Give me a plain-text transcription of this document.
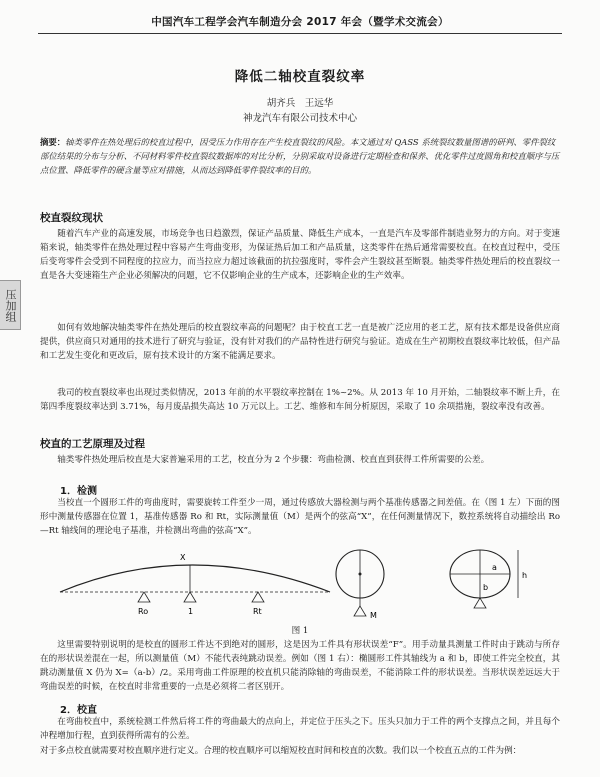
中国汽车工程学会汽车制造分会 2017 年会（暨学术交流会）
降低二轴校直裂纹率
胡齐兵　王远华
神龙汽车有限公司技术中心
摘要：轴类零件在热处理后的校直过程中，因受压力作用存在产生校直裂纹的风险。本文通过对 QASS 系统裂纹数量图谱的研判、零件裂纹部位结果的分布与分析、不同材料零件校直裂纹数据库的对比分析，分别采取对设备进行定期检查和保养、优化零件过度圆角和校直顺序与压点位置、降低零件的硬含量等应对措施，从而达到降低零件裂纹率的目的。
压加组
校直裂纹现状
随着汽车产业的高速发展，市场竞争也日趋激烈，保证产品质量、降低生产成本，一直是汽车及零部件制造业努力的方向。对于变速箱来说，轴类零件在热处理过程中容易产生弯曲变形，为保证热后加工和产品质量，这类零件在热后通常需要校直。在校直过程中，受压后变弯零件会受到不同程度的拉应力，而当拉应力超过该截面的抗拉强度时，零件会产生裂纹甚至断裂。轴类零件热处理后的校直裂纹一直是各大变速箱生产企业必须解决的问题，它不仅影响企业的生产成本，还影响企业的生产效率。
如何有效地解决轴类零件在热处理后的校直裂纹率高的问题呢？由于校直工艺一直是被广泛应用的老工艺，原有技术都是设备供应商提供，供应商只对通用的技术进行了研究与验证，没有针对我们的产品特性进行研究与验证。造成在生产初期校直裂纹率比较低，但产品和工艺发生变化和更改后，原有技术设计的方案不能满足要求。
我司的校直裂纹率也出现过类似情况，2013 年前的水平裂纹率控制在 1%~2%。从 2013 年 10 月开始，二轴裂纹率不断上升，在第四季度裂纹率达到 3.71%，每月废品损失高达 10 万元以上。工艺、维修和车间分析原因，采取了 10 余项措施，裂纹率没有改善。
校直的工艺原理及过程
轴类零件热处理后校直是大家普遍采用的工艺，校直分为 2 个步骤：弯曲检测、校直直到获得工件所需要的公差。
1．检测
当校直一个圆形工件的弯曲度时，需要旋转工件至少一周，通过传感放大器检测与两个基准传感器之间差值。在（图 1 左）下面的图形中测量传感器在位置 1，基准传感器 Ro 和 Rt，实际测量值（M）是两个的弦高“X”，在任何测量情况下，数控系统将自动描绘出 Ro—Rt 轴线间的理论电子基准，并检测出弯曲的弦高“X”。
X
Ro	1	Rt	M
a
b
h
图 1
这里需要特别说明的是校直的圆形工件达不到绝对的圆形，这是因为工件具有形状误差“F”。用手动量具测量工件时由于跳动与所存在的形状误差混在一起，所以测量值（M）不能代表纯跳动误差。例如（图 1 右）：椭圆形工件其轴线为 a 和 b，即使工件完全校直，其跳动测量值 X 仍为 X=（a-b）/2。采用弯曲工件原理的校直机只能消除轴的弯曲误差，不能消除工件的形状误差。当形状误差远远大于弯曲误差的时候，在校直时非常重要的一点是必须将二者区别开。
2．校直
在弯曲校直中，系统检测工件然后将工件的弯曲最大的点向上，并定位于压头之下。压头只加力于工件的两个支撑点之间，并且每个冲程增加行程，直到获得所需有的公差。
对于多点校直就需要对校直顺序进行定义。合理的校直顺序可以缩短校直时间和校直的次数。我们以一个校直五点的工件为例：
